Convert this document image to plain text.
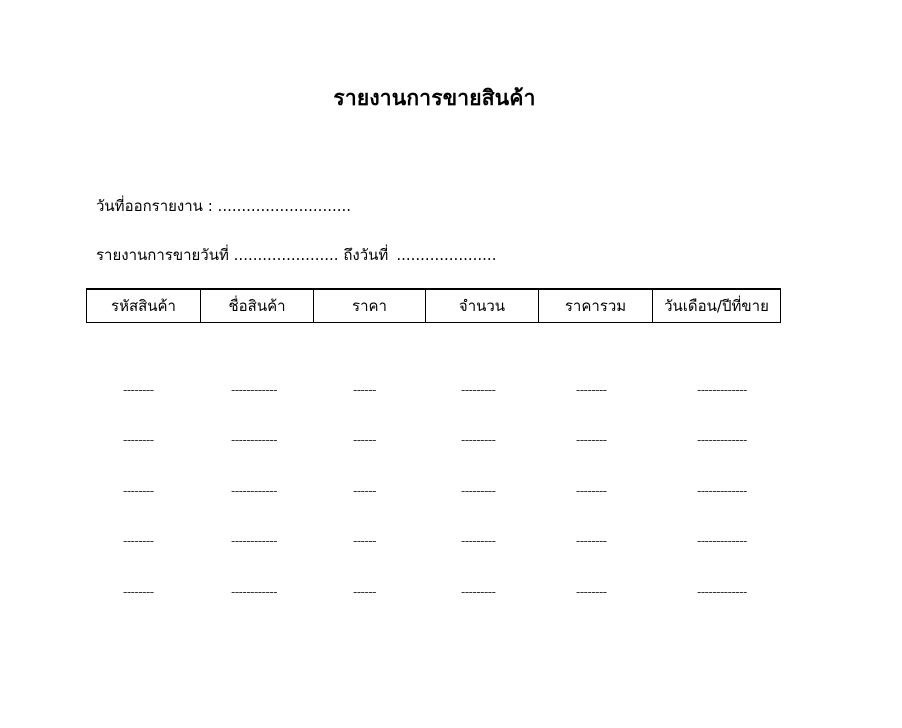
รายงานการขายสินค้า
วันที่ออกรายงาน : ............................
รายงานการขายวันที่ ...................... ถึงวันที่ .....................
รหัสสินค้า	ชื่อสินค้า	ราคา	จำนวน	ราคารวม	วันเดือน/ปีที่ขาย
--------	------------	------	---------	--------	-------------
--------	------------	------	---------	--------	-------------
--------	------------	------	---------	--------	-------------
--------	------------	------	---------	--------	-------------
--------	------------	------	---------	--------	-------------
